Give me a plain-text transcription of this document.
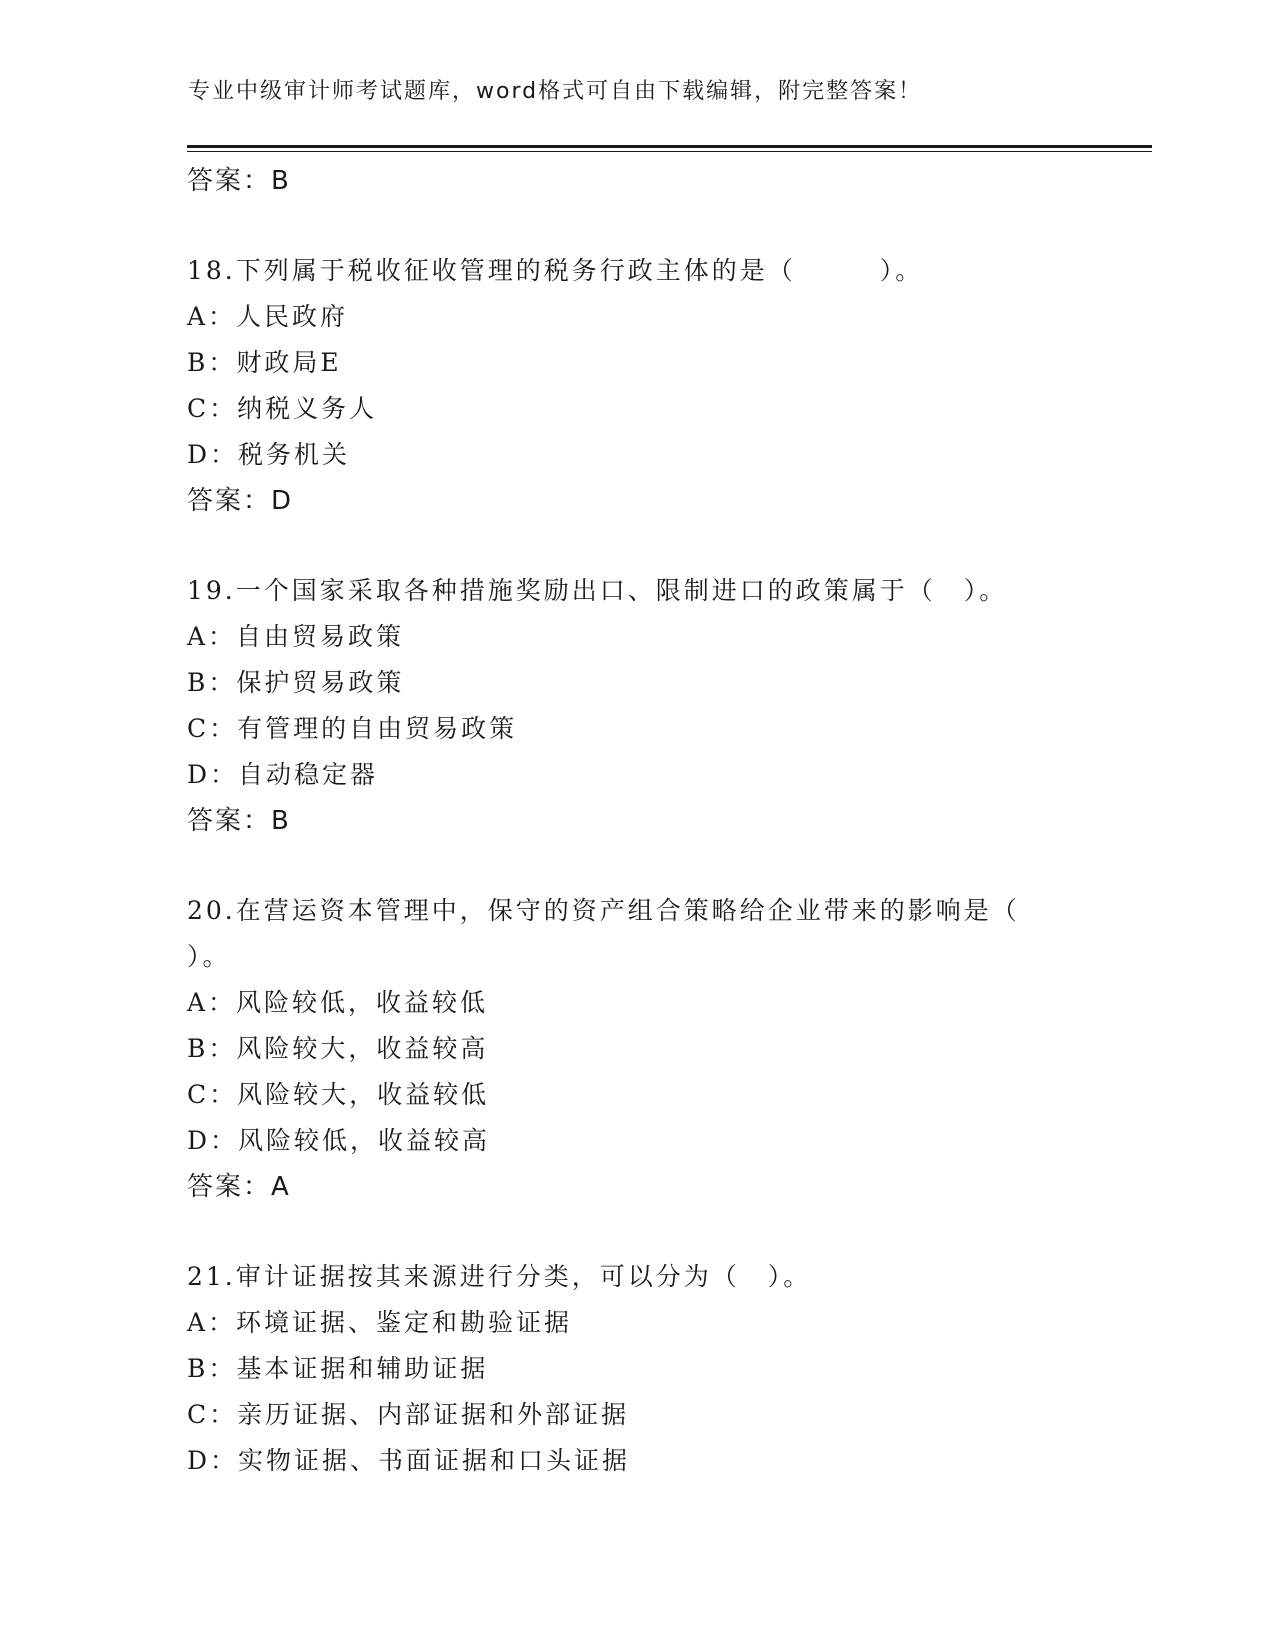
专业中级审计师考试题库，word格式可自由下载编辑，附完整答案！
答案：B
18.下列属于税收征收管理的税务行政主体的是（　　　）。
A：人民政府
B：财政局E
C：纳税义务人
D：税务机关
答案：D
19.一个国家采取各种措施奖励出口、限制进口的政策属于（　）。
A：自由贸易政策
B：保护贸易政策
C：有管理的自由贸易政策
D：自动稳定器
答案：B
20.在营运资本管理中，保守的资产组合策略给企业带来的影响是（
）。
A：风险较低，收益较低
B：风险较大，收益较高
C：风险较大，收益较低
D：风险较低，收益较高
答案：A
21.审计证据按其来源进行分类，可以分为（　）。
A：环境证据、鉴定和勘验证据
B：基本证据和辅助证据
C：亲历证据、内部证据和外部证据
D：实物证据、书面证据和口头证据
